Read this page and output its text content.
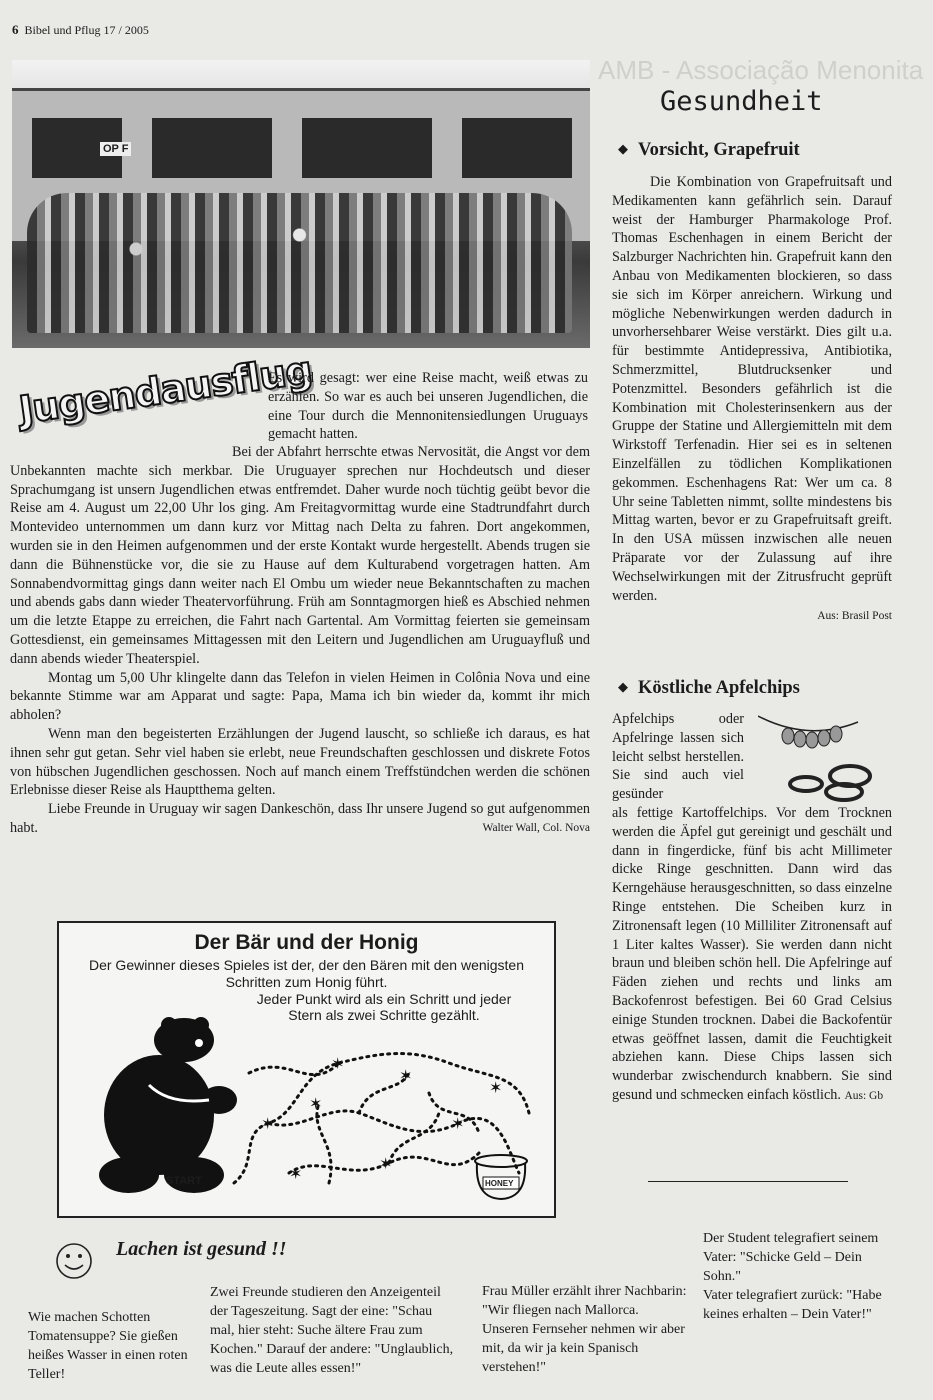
6 Bibel und Pflug 17 / 2005
AMB - Associação Menonita
OP F
Jugendausflug

Es wird gesagt: wer eine Reise macht, weiß etwas zu erzählen. So war es auch bei unseren Jugendlichen, die eine Tour durch die Mennonitensiedlungen Uruguays gemacht hatten.

Bei der Abfahrt herrschte etwas Nervosität, die Angst vor dem Unbekannten machte sich merkbar. Die Uruguayer sprechen nur Hochdeutsch und dieser Sprachumgang ist unsern Jugendlichen etwas entfremdet. Daher wurde noch tüchtig geübt bevor die Reise am 4. August um 22,00 Uhr los ging. Am Freitagvormittag wurde eine Stadtrundfahrt durch Montevideo unternommen um dann kurz vor Mittag nach Delta zu fahren. Dort angekommen, wurden sie in den Heimen aufgenommen und der erste Kontakt wurde hergestellt. Abends trugen sie dann die Bühnenstücke vor, die sie zu Hause auf dem Kulturabend vorgetragen hatten. Am Sonnabendvormittag gings dann weiter nach El Ombu um wieder neue Bekanntschaften zu machen und abends gabs dann wieder Theatervorführung. Früh am Sonntagmorgen hieß es Abschied nehmen um die letzte Etappe zu erreichen, die Fahrt nach Gartental. Am Vormittag feierten sie gemeinsam Gottesdienst, ein gemeinsames Mittagessen mit den Leitern und Jugendlichen am Uruguayfluß und dann abends wieder Theaterspiel.

Montag um 5,00 Uhr klingelte dann das Telefon in vielen Heimen in Colônia Nova und eine bekannte Stimme war am Apparat und sagte: Papa, Mama ich bin wieder da, kommt ihr mich abholen?

Wenn man den begeisterten Erzählungen der Jugend lauscht, so schließe ich daraus, es hat ihnen sehr gut getan. Sehr viel haben sie erlebt, neue Freundschaften geschlossen und diskrete Fotos von hübschen Jugendlichen geschossen. Noch auf manch einem Treffstündchen werden die schönen Erlebnisse dieser Reise als Hauptthema gelten.

Liebe Freunde in Uruguay wir sagen Dankeschön, dass Ihr unsere Jugend so gut aufgenommen habt.	Walter Wall, Col. Nova

Der Bär und der Honig
Der Gewinner dieses Spieles ist der, der den Bären mit den wenigsten Schritten zum Honig führt.
Jeder Punkt wird als ein Schritt und jeder Stern als zwei Schritte gezählt.
✶
✶
✶
✶
✶
✶
✶
✶
START	HONEY
Gesundheit
◆ Vorsicht, Grapefruit

Die Kombination von Grapefruitsaft und Medikamenten kann gefährlich sein. Darauf weist der Hamburger Pharmakologe Prof. Thomas Eschenhagen in einem Bericht der Salzburger Nachrichten hin. Grapefruit kann den Anbau von Medikamenten blockieren, so dass sie sich im Körper anreichern. Wirkung und mögliche Nebenwirkungen werden dadurch in unvorhersehbarer Weise verstärkt. Dies gilt u.a. für bestimmte Antidepressiva, Antibiotika, Schmerzmittel, Blutdrucksenker und Potenzmittel. Besonders gefährlich ist die Kombination mit Cholesterinsenkern aus der Gruppe der Statine und Allergiemitteln mit dem Wirkstoff Terfenadin. Hier sei es in seltenen Einzelfällen zu tödlichen Komplikationen gekommen. Eschenhagens Rat: Wer um ca. 8 Uhr seine Tabletten nimmt, sollte mindestens bis Mittag warten, bevor er zu Grapefruitsaft greift. In den USA müssen inzwischen alle neuen Präparate vor der Zulassung auf ihre Wechselwirkungen mit der Zitrusfrucht geprüft werden.

Aus: Brasil Post
◆ Köstliche Apfelchips

Apfelchips oder Apfelringe lassen sich leicht selbst herstellen. Sie sind auch viel gesünder

als fettige Kartoffelchips. Vor dem Trocknen werden die Äpfel gut gereinigt und geschält und dann in fingerdicke, fünf bis acht Millimeter dicke Ringe geschnitten. Dann wird das Kerngehäuse herausgeschnitten, so dass einzelne Ringe entstehen. Die Scheiben kurz in Zitronensaft legen (10 Milliliter Zitronensaft auf 1 Liter kaltes Wasser). Sie werden dann nicht braun und bleiben schön hell. Die Apfelringe auf Fäden ziehen und rechts und links am Backofenrost befestigen. Bei 60 Grad Celsius einige Stunden trocknen. Dabei die Backofentür etwas geöffnet lassen, damit die Feuchtigkeit abziehen kann. Diese Chips lassen sich wunderbar zwischendurch knabbern. Sie sind gesund und schmecken einfach köstlich. Aus: Gb

Lachen ist gesund !!
Wie machen Schotten Tomatensuppe? Sie gießen heißes Wasser in einen roten Teller!
Zwei Freunde studieren den Anzeigenteil der Tageszeitung. Sagt der eine: "Schau mal, hier steht: Suche ältere Frau zum Kochen." Darauf der andere: "Unglaublich, was die Leute alles essen!"
Frau Müller erzählt ihrer Nachbarin: "Wir fliegen nach Mallorca. Unseren Fernseher nehmen wir aber mit, da wir ja kein Spanisch verstehen!"
Der Student telegrafiert seinem Vater: "Schicke Geld – Dein Sohn."
Vater telegrafiert zurück: "Habe keines erhalten – Dein Vater!"
